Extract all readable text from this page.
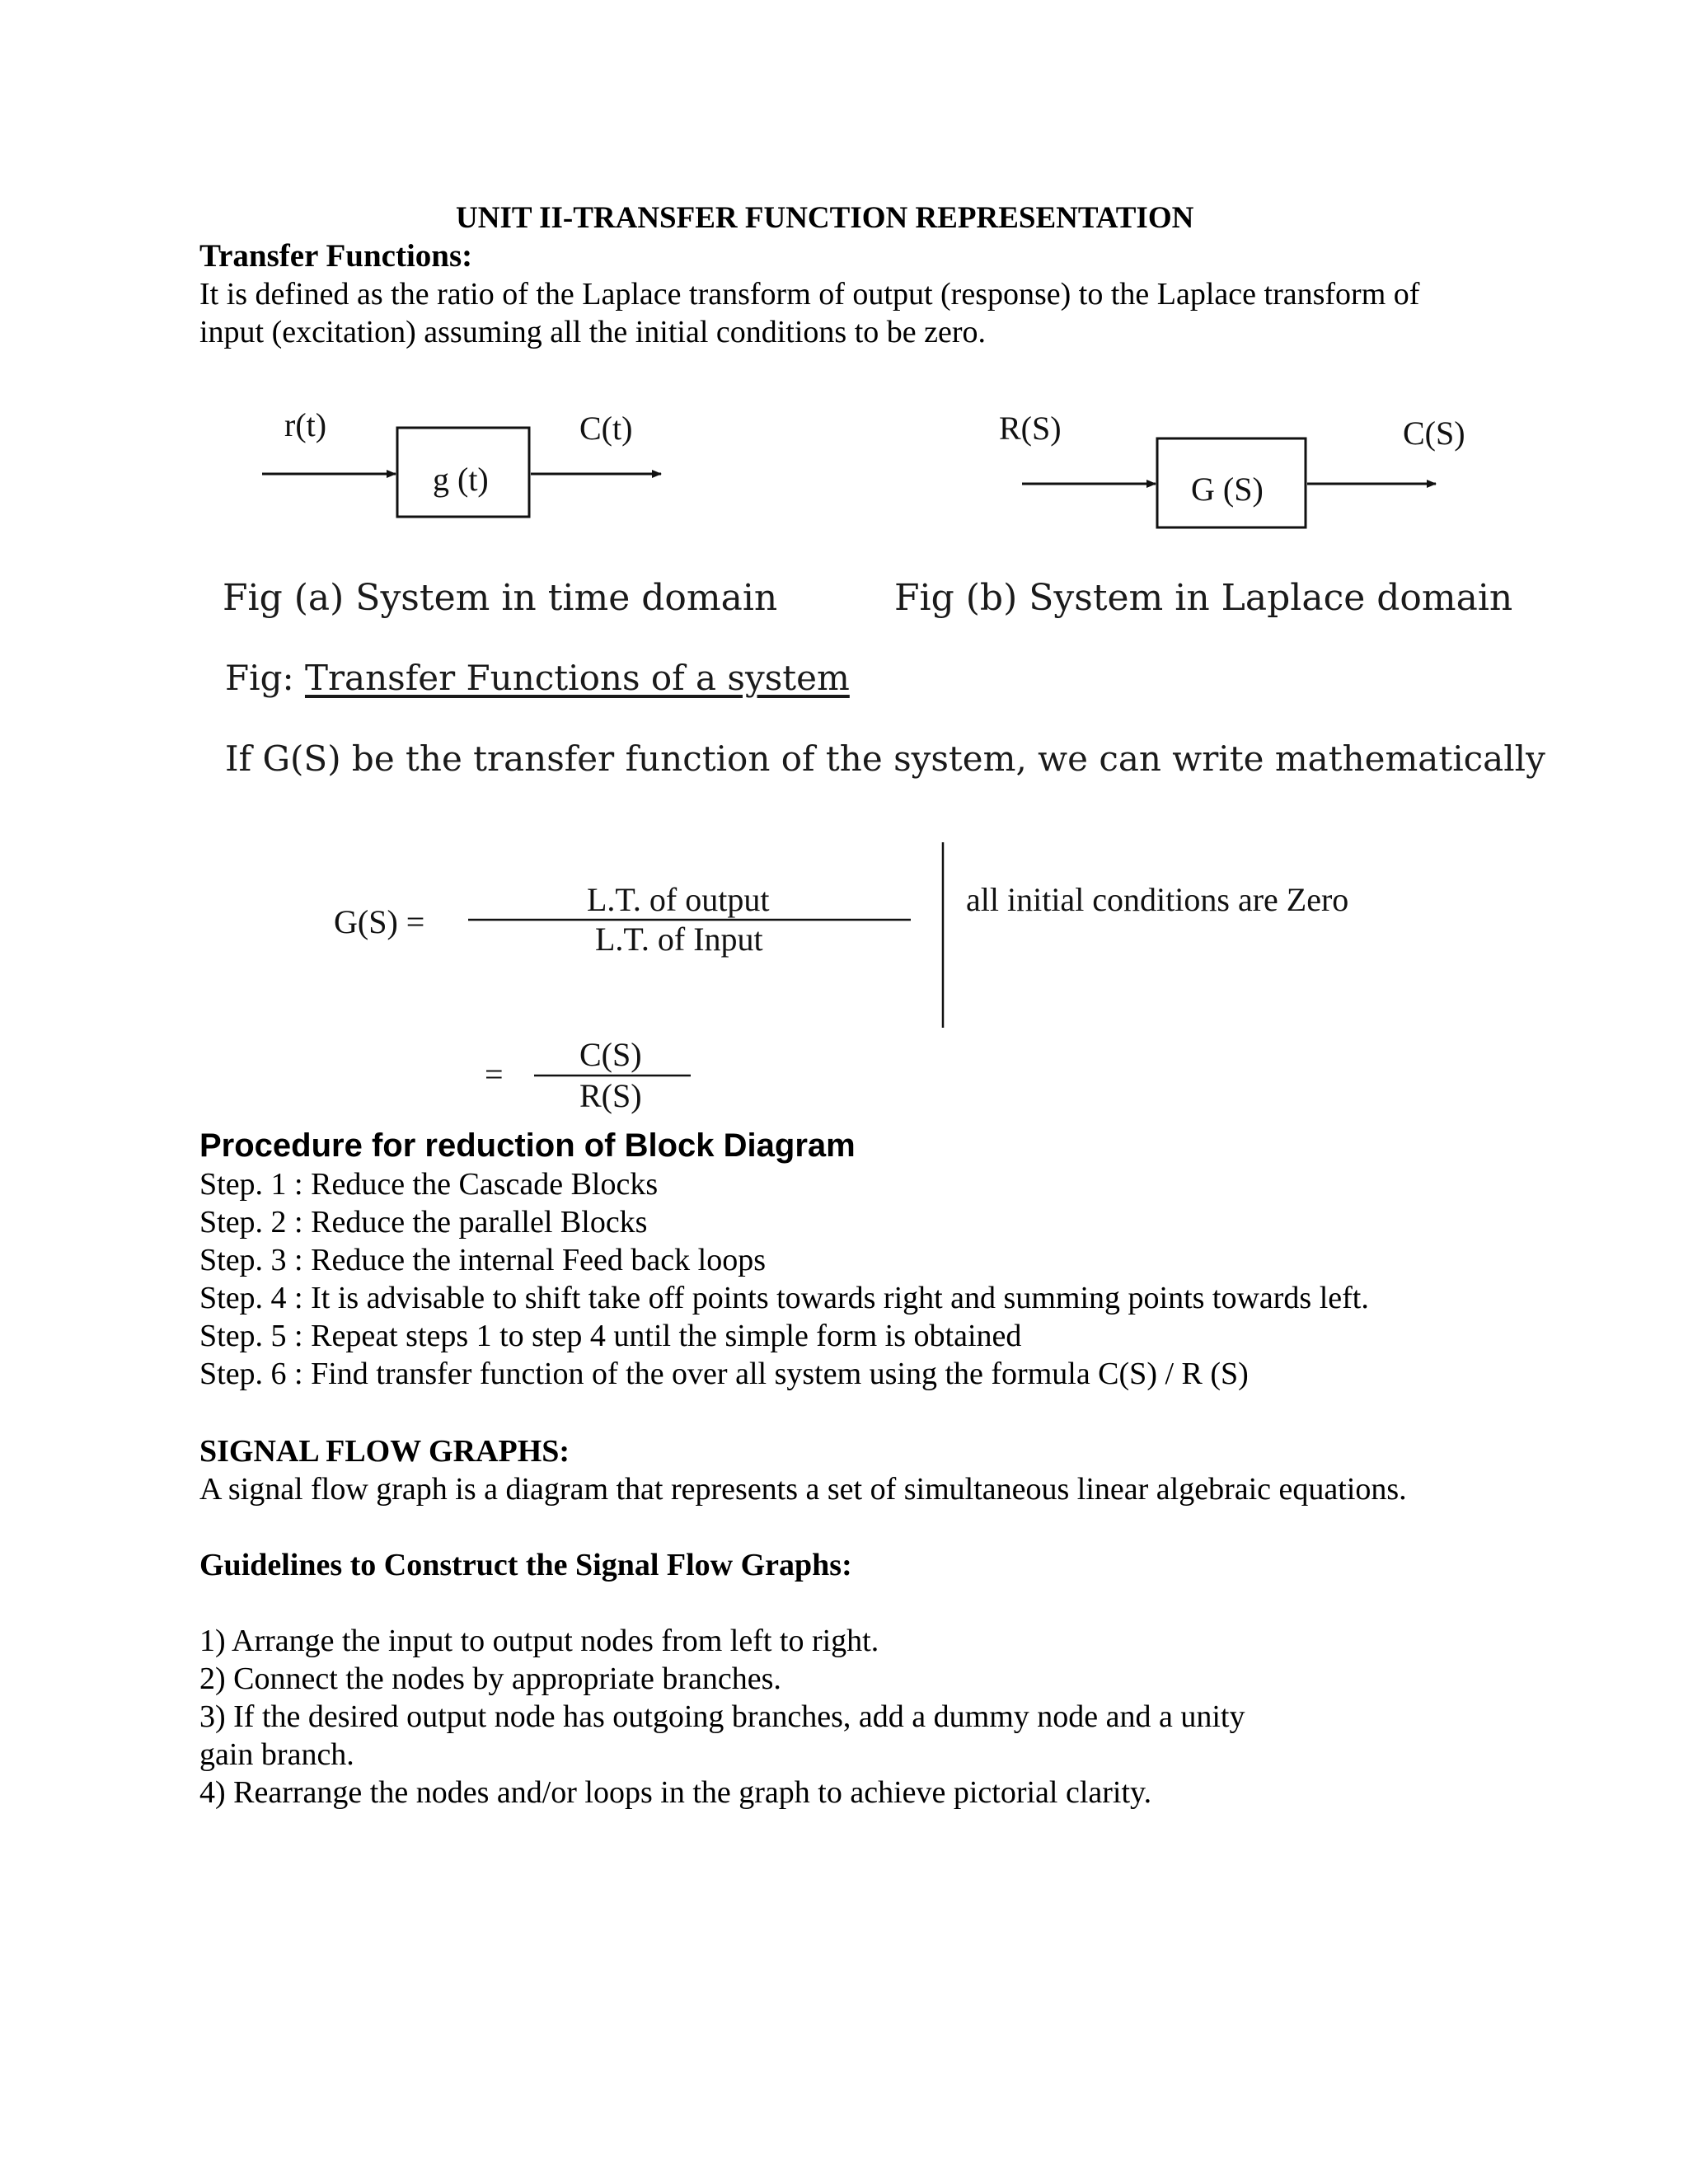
UNIT II-TRANSFER FUNCTION REPRESENTATION
Transfer Functions:
It is defined as the ratio of the Laplace transform of output (response) to the Laplace transform of
input (excitation) assuming all the initial conditions to be zero.
r(t)	C(t)
g (t)
R(S)	C(S)
G (S)
Fig (a) System in time domain	Fig (b) System in Laplace domain
Fig: Transfer Functions of a system
If G(S) be the transfer function of the system, we can write mathematically
G(S) =
L.T. of output
L.T. of Input
all initial conditions are Zero
=
C(S)
R(S)
Procedure for reduction of Block Diagram
Step. 1 : Reduce the Cascade Blocks
Step. 2 : Reduce the parallel Blocks
Step. 3 : Reduce the internal Feed back loops
Step. 4 : It is advisable to shift take off points towards right and summing points towards left.
Step. 5 : Repeat steps 1 to step 4 until the simple form is obtained
Step. 6 : Find transfer function of the over all system using the formula C(S) / R (S)
SIGNAL FLOW GRAPHS:
A signal flow graph is a diagram that represents a set of simultaneous linear algebraic equations.
Guidelines to Construct the Signal Flow Graphs:
1) Arrange the input to output nodes from left to right.
2) Connect the nodes by appropriate branches.
3) If the desired output node has outgoing branches, add a dummy node and a unity
gain branch.
4) Rearrange the nodes and/or loops in the graph to achieve pictorial clarity.
